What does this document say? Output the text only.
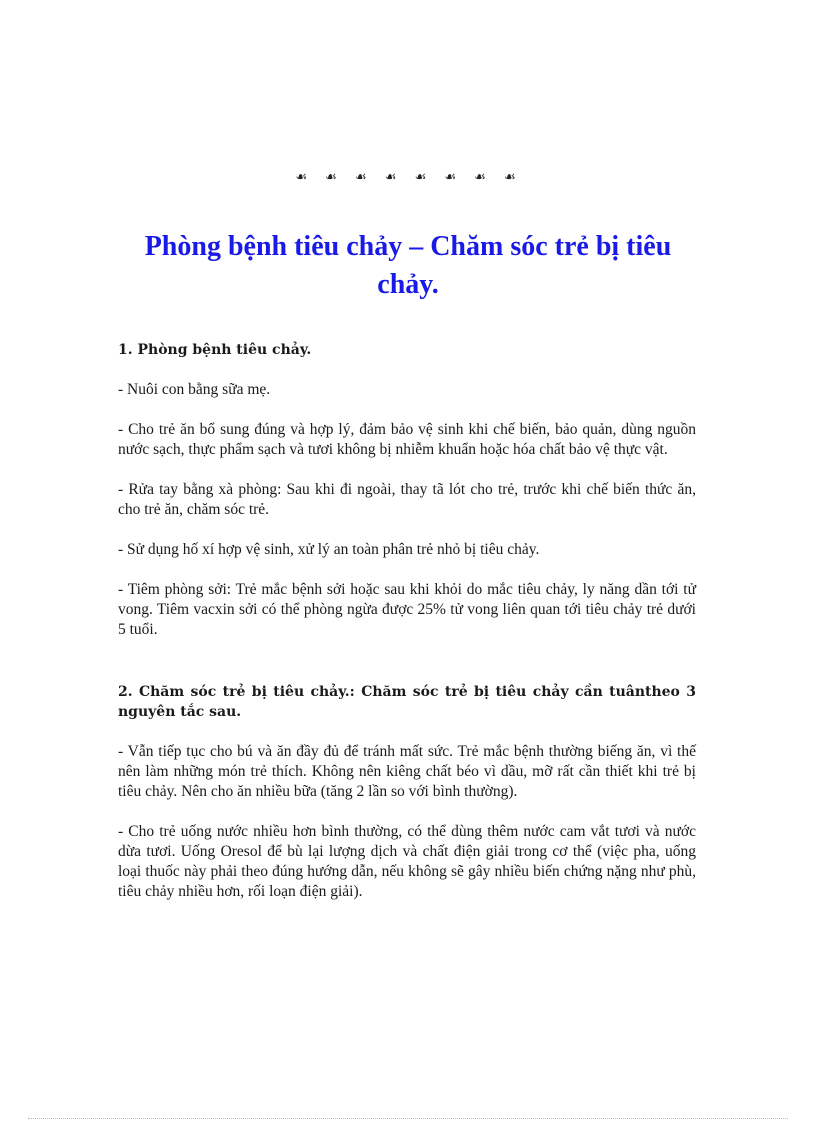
☙ ☙ ☙ ☙ ☙ ☙ ☙ ☙
Phòng bệnh tiêu chảy – Chăm sóc trẻ bị tiêu chảy.

1. Phòng bệnh tiêu chảy.

- Nuôi con bằng sữa mẹ.

- Cho trẻ ăn bổ sung đúng và hợp lý, đảm bảo vệ sinh khi chế biến, bảo quản, dùng nguồn nước sạch, thực phẩm sạch và tươi không bị nhiễm khuẩn hoặc hóa chất bảo vệ thực vật.

- Rửa tay bằng xà phòng: Sau khi đi ngoài, thay tã lót cho trẻ, trước khi chế biến thức ăn, cho trẻ ăn, chăm sóc trẻ.

- Sử dụng hố xí hợp vệ sinh, xử lý an toàn phân trẻ nhỏ bị tiêu chảy.

- Tiêm phòng sởi: Trẻ mắc bệnh sởi hoặc sau khi khỏi do mắc tiêu chảy, ly năng dần tới tử vong. Tiêm vacxin sởi có thể phòng ngừa được 25% tử vong liên quan tới tiêu chảy trẻ dưới 5 tuổi.

2. Chăm sóc trẻ bị tiêu chảy.: Chăm sóc trẻ bị tiêu chảy cần tuântheo 3 nguyên tắc sau.

- Vẫn tiếp tục cho bú và ăn đầy đủ để tránh mất sức. Trẻ mắc bệnh thường biếng ăn, vì thế nên làm những món trẻ thích. Không nên kiêng chất béo vì dầu, mỡ rất cần thiết khi trẻ bị tiêu chảy. Nên cho ăn nhiều bữa (tăng 2 lần so với bình thường).

- Cho trẻ uống nước nhiều hơn bình thường, có thể dùng thêm nước cam vắt tươi và nước dừa tươi. Uống Oresol để bù lại lượng dịch và chất điện giải trong cơ thể (việc pha, uống loại thuốc này phải theo đúng hướng dẫn, nếu không sẽ gây nhiều biến chứng nặng như phù, tiêu chảy nhiều hơn, rối loạn điện giải).
